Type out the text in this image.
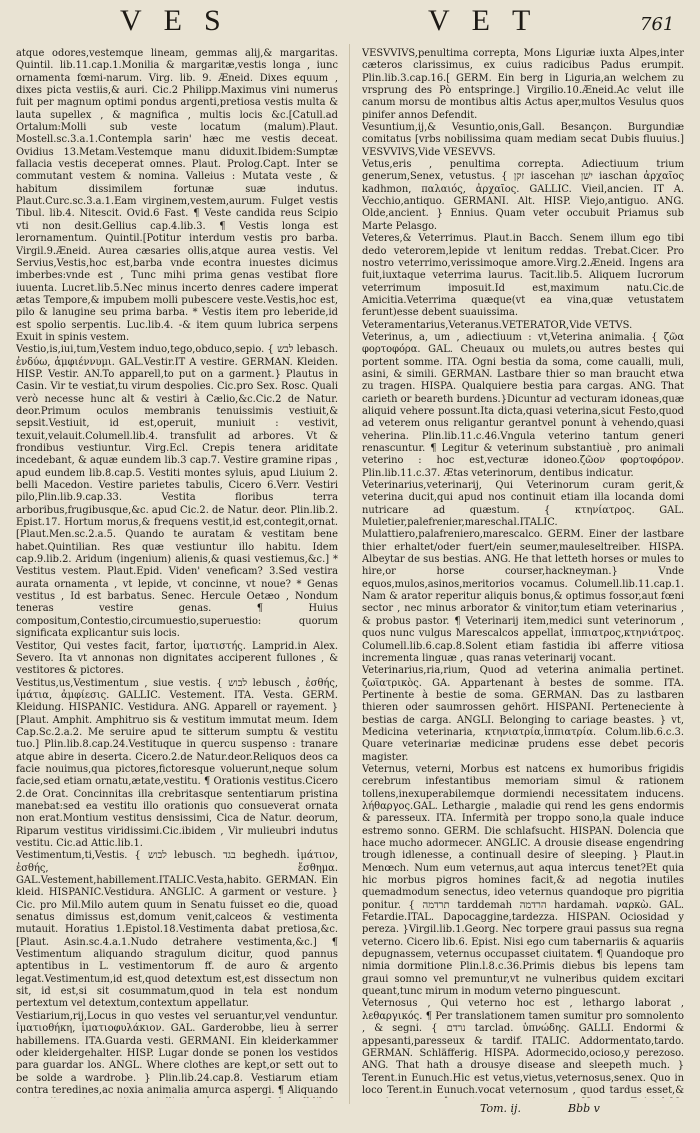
VES	VET	761

atque odores,vestemque lineam, gemmas alij,& margaritas. Quintil. lib.11.cap.1.Monilia & margaritæ,vestis longa , iunc ornamenta fœmi-narum. Virg. lib. 9. Æneid. Dixes equum , dixes picta vestiis,& auri. Cic.2 Philipp.Maximus vini numerus fuit per magnum optimi pondus argenti,pretiosa vestis multa & lauta supellex , & magnifica , multis locis &c.[Catull.ad Ortalum:Molli sub veste locatum (malum).Plaut. Mostell.sc.3.a.1.Contempla sarin' hæc me vestis deceat. Ovidius 13.Metam.Vestemque manu diduxit.Ibidem:Sumptæ fallacia vestis deceperat omnes. Plaut. Prolog.Capt. Inter se commutant vestem & nomina. Valleius : Mutata veste , & habitum dissimilem fortunæ suæ indutus. Plaut.Curc.sc.3.a.1.Eam virginem,vestem,aurum. Fulget vestis Tibul. lib.4. Nitescit. Ovid.6 Fast. ¶ Veste candida reus Scipio vti non desit.Gellius cap.4.lib.3. ¶ Vestis longa est lerornamentum. Quintil.[Potitur interdum vestis pro barba. Virgil.9.Æneid. Aurea cæsaries ollis,atque aurea vestis. Vel Servius,Vestis,hoc est,barba vnde econtra inuestes dicimus imberbes:vnde est , Tunc mihi prima genas vestibat flore iuuenta. Lucret.lib.5.Nec minus incerto denres cadere imperat ætas Tempore,& impubem molli pubescere veste.Vestis,hoc est, pilo & lanugine seu prima barba. * Vestis item pro leberide,id est spolio serpentis. Luc.lib.4. -& item quum lubrica serpens Exuit in spinis vestem.

Vestio,is,iui,tum,Vestem induo,tego,obduco,sepio. { לבש lebasch. ἐνδύω, ἀμφιέννυμι. GAL.Vestir.IT A vestire. GERMAN. Kleiden. HISP. Vestir. AN.To apparell,to put on a garment.} Plautus in Casin. Vir te vestiat,tu virum despolies. Cic.pro Sex. Rosc. Quali verò necesse hunc alt & vestiri à Cælio,&c.Cic.2 de Natur. deor.Primum oculos membranis tenuissimis vestiuit,& sepsit.Vestiuit, id est,operuit, muniuit : vestivit, texuit,velauit.Columell.lib.4. transfulit ad arbores. Vt & frondibus vestiuntur. Virg.Ecl. Crepis tenera ariditate incedebant, & aquæ eundem lib.3 cap.7. Vestire gramine ripas , apud eundem lib.8.cap.5. Vestiti montes syluis, apud Liuium 2. belli Macedon. Vestire parietes tabulis, Cicero 6.Verr. Vestiri pilo,Plin.lib.9.cap.33. Vestita floribus terra arboribus,frugibusque,&c. apud Cic.2. de Natur. deor. Plin.lib.2. Epist.17. Hortum morus,& frequens vestit,id est,contegit,ornat. [Plaut.Men.sc.2.a.5. Quando te auratam & vestitam bene habet.Quintilian. Res quæ vestiuntur illo habitu. Idem cap.9.lib.2. Aridum (ingenium) alienis,& quasi vestiemus,&c.] * Vestitus vestem. Plaut.Epid. Viden' veneficam? 3.Sed vestira aurata ornamenta , vt lepide, vt concinne, vt noue? * Genas vestitus , Id est barbatus. Senec. Hercule Oetæo , Nondum teneras vestire genas. ¶ Huius compositum,Contestio,circumuestio,superuestio: quorum significata explicantur suis locis.

Vestitor, Qui vestes facit, fartor, ἱματιστής. Lamprid.in Alex. Severo. Ita vt annonas non dignitates acciperent fullones , & vestitores & pictores.

Vestitus,us,Vestimentum , siue vestis. { לבוש lebusch , ἐσθής, ἱμάτια, ἀμφίεσις. GALLIC. Vestement. ITA. Vesta. GERM. Kleidung. HISPANIC. Vestidura. ANG. Apparell or rayement. } [Plaut. Amphit. Amphitruo sis & vestitum immutat meum. Idem Cap.Sc.2.a.2. Me seruire apud te sitterum sumptu & vestitu tuo.] Plin.lib.8.cap.24.Vestituque in quercu suspenso : tranare atque abire in deserta. Cicero.2.de Natur.deor.Reliquos deos ca facie nouimus,qua pictores,fictoresque voluerunt,neque solum facie,sed etiam ornatu,ætate,vestitu. ¶ Orationis vestitus.Cicero 2.de Orat. Concinnitas illa crebritasque sententiarum pristina manebat:sed ea vestitu illo orationis quo consueverat ornata non erat.Montium vestitus densissimi, Cica de Natur. deorum, Riparum vestitus viridissimi.Cic.ibidem , Vir mulieubri indutus vestitu. Cic.ad Attic.lib.1.

Vestimentum,ti,Vestis. { לבוש lebusch. בגד beghedh. ἱμάτιον, ἐσθής, ἔσθημα. GAL.Vestement,habillement.ITALIC.Vesta,habito. GERMAN. Ein kleid. HISPANIC.Vestidura. ANGLIC. A garment or vesture. } Cic. pro Mil.Milo autem quum in Senatu fuisset eo die, quoad senatus dimissus est,domum venit,calceos & vestimenta mutauit. Horatius 1.Epistol.18.Vestimenta dabat pretiosa,&c.[Plaut. Asin.sc.4.a.1.Nudo detrahere vestimenta,&c.] ¶ Vestimentum aliquando stragulum dicitur, quod pannus aptentibus in L. vestimentorum ff. de auro & argento legat.Vestimentum,id est,quod detextum est,est dissectum non sit, id est,si sit cosummatum,quod in tela est nondum pertextum vel detextum,contextum appellatur.

Vestiarium,rij,Locus in quo vestes vel seruantur,vel venduntur. ἱματιοθήκη, ἱματιοφυλάκιον. GAL. Garderobbe, lieu à serrer habillemens. ITA.Guarda vesti. GERMANI. Ein kleiderkammer oder kleidergehalter. HISP. Lugar donde se ponen los vestidos para guardar los. ANGL. Where clothes are kept,or sett out to be solde a wardrobe. } Plin.lib.24.cap.8. Vestiarum etiam contra teredines,ac noxia animalia amurca aspergi. ¶ Aliquando

VESVVIVS,penultima correpta, Mons Liguriæ iuxta Alpes,inter cæteros clarissimus, ex cuius radicibus Padus erumpit. Plin.lib.3.cap.16.[ GERM. Ein berg in Liguria,an welchem zu vrsprung des Pò entspringe.] Virgilio.10.Æneid.Ac velut ille canum morsu de montibus altis Actus aper,multos Vesulus quos pinifer annos Defendit.

Vesuntium,ij,& Vesuntio,onis,Gall. Besançon. Burgundiæ comitatus [vrbs nobilissima quam mediam secat Dubis fluuius.] VESVVIVS,Vide VESEVVS.

Vetus,eris , penultima correpta. Adiectiuum trium generum,Senex, vetustus. { זקן iascehan ישׁן iaschan ἀρχαῖος kadhmon, παλαιός, ἀρχαῖος. GALLIC. Vieil,ancien. IT A. Vecchio,antiquo. GERMANI. Alt. HISP. Viejo,antiguo. ANG. Olde,ancient. } Ennius. Quam veter occubuit Priamus sub Marte Pelasgo.

Veteres,& Veterrimus. Plaut.in Bacch. Senem illum ego tibi dedo veterorem,lepide vt lenitum reddas. Trebat.Cicer. Pro nostro veterrimo,verissimoque amore.Virg.2.Æneid. Ingens ara fuit,iuxtaque veterrima laurus. Tacit.lib.5. Aliquem Iucrorum veterrimum imposuit.Id est,maximum natu.Cic.de Amicitia.Veterrima quæque(vt ea vina,quæ vetustatem ferunt)esse debent suauissima.

Veteramentarius,Veteranus.VETERATOR,Vide VETVS.

Veterinus, a, um , adiectiuum : vt,Veterina animalia. { ζῶα φορτοφόρα. GAL. Cheuaux ou mulets,ou autres bestes qui portent somme. ITA. Ogni bestia da soma, come caualli, muli, asini, & simili. GERMAN. Lastbare thier so man braucht etwa zu tragen. HISPA. Qualquiere bestia para cargas. ANG. That carieth or beareth burdens.}Dicuntur ad vecturam idoneas,quæ aliquid vehere possunt.Ita dicta,quasi veterina,sicut Festo,quod ad veterem onus religantur gerantvel ponunt à vehendo,quasi veherina. Plin.lib.11.c.46.Vngula veterino tantum generi renascuntur. ¶ Legitur & veterinum substantiuè , pro animali veterino : hoc est,vecturæ idoneo.ζῶον φορτοφόρον. Plin.lib.11.c.37. Ætas veterinorum, dentibus indicatur.

Veterinarius,veterinarij, Qui Veterinorum curam gerit,& veterina ducit,qui apud nos continuit etiam illa locanda domi nutricare ad quæstum. { κτηνίατρος. GAL. Muletier,palefrenier,mareschal.ITALIC. Mulattiero,palafreniero,marescalco. GERM. Einer der lastbare thier erhaltet/oder fuert/ein seumer,mauleseltreiber. HISPA. Albeytar de sus bestias. ANG. He that letteth horses or mules to hire,or horse courser,hackneyman.} Vnde equos,mulos,asinos,meritorios vocamus. Columell.lib.11.cap.1. Nam & arator reperitur aliquis bonus,& optimus fossor,aut fœni sector , nec minus arborator & vinitor,tum etiam veterinarius , & probus pastor. ¶ Veterinarij item,medici sunt veterinorum , quos nunc vulgus Marescalcos appellat, ἱππιατρος,κτηνιάτρος. Columell.lib.6.cap.8.Solent etiam fastidia ibi afferre vitiosa incrementa linguæ , quas ranas veterinarij vocant.

Veterinarius,ria,rium, Quod ad veterina animalia pertinet. ζωϊατρικὸς. GA. Appartenant à bestes de somme. ITA. Pertinente à bestie de soma. GERMAN. Das zu lastbaren thieren oder saumrossen gehört. HISPANI. Perteneciente à bestias de carga. ANGLI. Belonging to cariage beastes. } vt, Medicina veterinaria, κτηνιατρία,ἱππιατρία. Colum.lib.6.c.3. Quare veterinariæ medicinæ prudens esse debet pecoris magister.

Veternus, veterni, Morbus est natcens ex humoribus frigidis cerebrum infestantibus memoriam simul & rationem tollens,inexuperabilemque dormiendi necessitatem inducens. λήθαργος.GAL. Lethargie , maladie qui rend les gens endormis & paresseux. ITA. Infermità per troppo sono,la quale induce estremo sonno. GERM. Die schlafsucht. HISPAN. Dolencia que hace mucho adormecer. ANGLIC. A drousie disease engendring trough idlenesse, a continuall desire of sleeping. } Plaut.in Menœch. Num eum veternus,aut aqua intercus tenet?Et quia hic morbus pigros homines facit,& ad negotia inutiles quemadmodum senectus, ideo veternus quandoque pro pigritia ponitur. { תרדמה tarddemah הרדמה hardamah. ναρκὼ. GAL. Fetardie.ITAL. Dapocaggine,tardezza. HISPAN. Ociosidad y pereza. }Virgil.lib.1.Georg. Nec torpere graui passus sua regna veterno. Cicero lib.6. Epist. Nisi ego cum tabernariis & aquariis depugnassem, veternus occupasset ciuitatem. ¶ Quandoque pro nimia dormitione Plin.l.8.c.36.Primis diebus bis lepens tam graui somno vel premuntur,vt ne vulneribus quidem excitari queant,tunc mirum in modum veterno pinguescunt.

Veternosus , Qui veterno hoc est , lethargo laborat , λεθαργικός. ¶ Per translationem tamen sumitur pro somnolento , & segni. { נרדם tarclad. ὑπνώδης. GALLI. Endormi & appesanti,paresseux & tardif. ITALIC. Addormentato,tardo. GERMAN. Schläfferig. HISPA. Adormecido,ocioso,y perezoso. ANG. That hath a drousye disease and sleepeth much. } Terent.in Eunuch.Hic est vetus,vietus,veternosus,senex. Quo in loco Terent.in Eunuch.vocat veternosum , quod tardus esset,&

Tom. ij.	Bbb v
